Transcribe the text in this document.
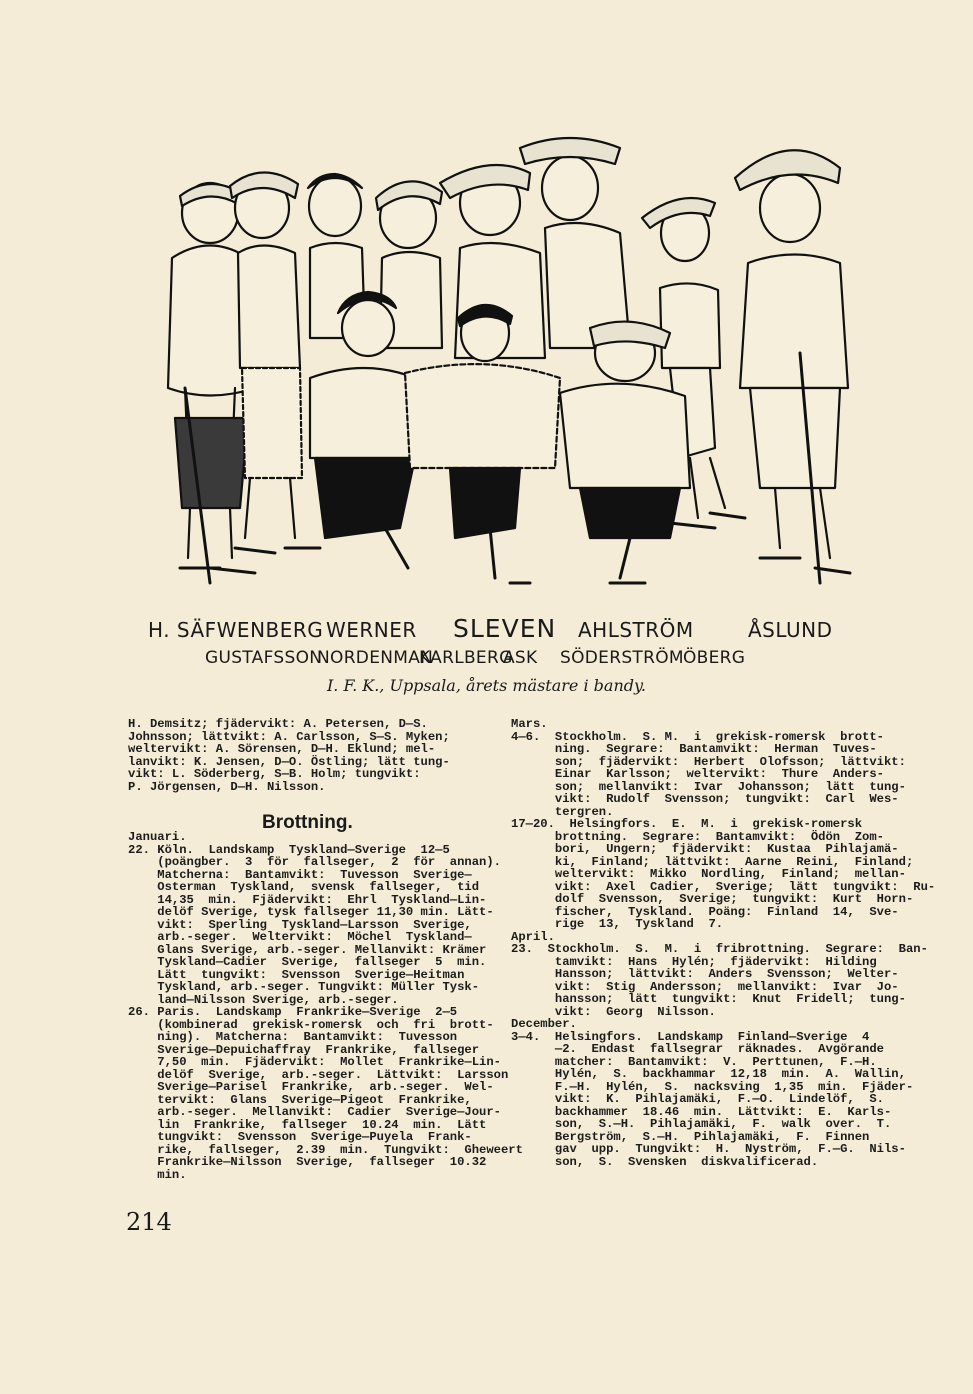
H. SÄFWENBERG WERNER SLEVEN AHLSTRÖM	ÅSLUND
GUSTAFSSON
NORDENMAN
KARLBERG
ASK SÖDERSTRÖM ÖBERG
I. F. K., Uppsala, årets mästare i bandy.

H. Demsitz; fjädervikt: A. Petersen, D—S.

Johnsson; lättvikt: A. Carlsson, S—S. Myken;

weltervikt: A. Sörensen, D—H. Eklund; mel-

lanvikt: K. Jensen, D—O. Östling; lätt tung-

vikt: L. Söderberg, S—B. Holm; tungvikt:

P. Jörgensen, D—H. Nilsson.

Januari.

22. Köln.  Landskamp  Tyskland—Sverige  12—5

(poängber.  3  för  fallseger,  2  för  annan).

Matcherna:  Bantamvikt:  Tuvesson  Sverige—

Osterman  Tyskland,  svensk  fallseger,  tid

14,35  min.  Fjädervikt:  Ehrl  Tyskland—Lin-

delöf Sverige, tysk fallseger 11,30 min. Lätt-

vikt:  Sperling  Tyskland—Larsson  Sverige,

arb.-seger.  Weltervikt:  Möchel  Tyskland—

Glans Sverige, arb.-seger. Mellanvikt: Krämer

Tyskland—Cadier  Sverige,  fallseger  5  min.

Lätt  tungvikt:  Svensson  Sverige—Heitman

Tyskland, arb.-seger. Tungvikt: Müller Tysk-

land—Nilsson Sverige, arb.-seger.

26. Paris.  Landskamp  Frankrike—Sverige  2—5

(kombinerad  grekisk-romersk  och  fri  brott-

ning).  Matcherna:  Bantamvikt:  Tuvesson

Sverige—Depuichaffray  Frankrike,  fallseger

7,50  min.  Fjädervikt:  Mollet  Frankrike—Lin-

delöf  Sverige,  arb.-seger.  Lättvikt:  Larsson

Sverige—Parisel  Frankrike,  arb.-seger.  Wel-

tervikt:  Glans  Sverige—Pigeot  Frankrike,

arb.-seger.  Mellanvikt:  Cadier  Sverige—Jour-

lin  Frankrike,  fallseger  10.24  min.  Lätt

tungvikt:  Svensson  Sverige—Puyela  Frank-

rike,  fallseger,  2.39  min.  Tungvikt:  Gheweert

Frankrike—Nilsson  Sverige,  fallseger  10.32

min.

Brottning.

Mars.

4—6.  Stockholm.  S. M.  i  grekisk-romersk  brott-

ning.  Segrare:  Bantamvikt:  Herman  Tuves-

son;  fjädervikt:  Herbert  Olofsson;  lättvikt:

Einar  Karlsson;  weltervikt:  Thure  Anders-

son;  mellanvikt:  Ivar  Johansson;  lätt  tung-

vikt:  Rudolf  Svensson;  tungvikt:  Carl  Wes-

tergren.

17—20.  Helsingfors.  E.  M.  i  grekisk-romersk

brottning.  Segrare:  Bantamvikt:  Ödön  Zom-

bori,  Ungern;  fjädervikt:  Kustaa  Pihlajamä-

ki,  Finland;  lättvikt:  Aarne  Reini,  Finland;

weltervikt:  Mikko  Nordling,  Finland;  mellan-

vikt:  Axel  Cadier,  Sverige;  lätt  tungvikt:  Ru-

dolf  Svensson,  Sverige;  tungvikt:  Kurt  Horn-

fischer,  Tyskland.  Poäng:  Finland  14,  Sve-

rige  13,  Tyskland  7.

April.

23.  Stockholm.  S.  M.  i  fribrottning.  Segrare:  Ban-

tamvikt:  Hans  Hylén;  fjädervikt:  Hilding

Hansson;  lättvikt:  Anders  Svensson;  Welter-

vikt:  Stig  Andersson;  mellanvikt:  Ivar  Jo-

hansson;  lätt  tungvikt:  Knut  Fridell;  tung-

vikt:  Georg  Nilsson.

December.

3—4.  Helsingfors.  Landskamp  Finland—Sverige  4

—2.  Endast  fallsegrar  räknades.  Avgörande

matcher:  Bantamvikt:  V.  Perttunen,  F.—H.

Hylén,  S.  backhammar  12,18  min.  A.  Wallin,

F.—H.  Hylén,  S.  nacksving  1,35  min.  Fjäder-

vikt:  K.  Pihlajamäki,  F.—O.  Lindelöf,  S.

backhammer  18.46  min.  Lättvikt:  E.  Karls-

son,  S.—H.  Pihlajamäki,  F.  walk  over.  T.

Bergström,  S.—H.  Pihlajamäki,  F.  Finnen

gav  upp.  Tungvikt:  H.  Nyström,  F.—G.  Nils-

son,  S.  Svensken  diskvalificerad.

214
